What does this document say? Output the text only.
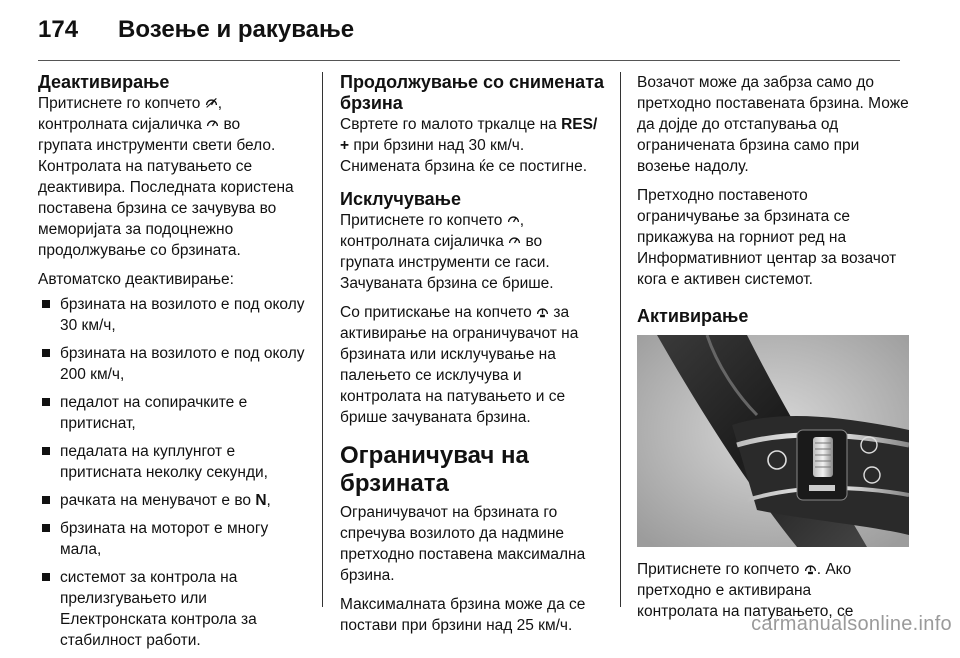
174 Возење и ракување
Деактивирање

Притиснете го копчето ,
контролната сијаличка во
групата инструменти свети бело.
Контролата на патувањето се
деактивира. Последната користена
поставена брзина се зачувува во
меморијата за подоцнежно
продолжување со брзината.

Автоматско деактивирање:

брзината на возилото е под околу 30 км/ч,
брзината на возилото е под околу 200 км/ч,
педалот на сопирачките е притиснат,
педалата на куплунгот е притисната неколку секунди,
рачката на менувачот е во N,
брзината на моторот е многу
мала,
системот за контрола на прелизгувањето или Електронската контрола за стабилност работи.
Продолжување со снимената брзина

Свртете го малото тркалце на RES/ + при брзини над 30 км/ч.
Снимената брзина ќе се постигне.

Исклучување

Притиснете го копчето ,
контролната сијаличка во
групата инструменти се гаси.
Зачуваната брзина се брише.

Со притискање на копчето за
активирање на ограничувачот на
брзината или исклучување на
палењето се исклучува и
контролата на патувањето и се
брише зачуваната брзина.

Ограничувач на брзината

Ограничувачот на брзината го спречува возилото да надмине претходно поставена максимална брзина.

Максималната брзина може да се постави при брзини над 25 км/ч.

Возачот може да забрза само до претходно поставената брзина. Може да дојде до отстапувања од ограничената брзина само при возење надолу.

Претходно поставеното ограничување за брзината се прикажува на горниот ред на Информативниот центар за возачот кога е активен системот.

Активирање

Притиснете го копчето . Ако
претходно е активирана
контролата на патувањето, се

carmanualsonline.info
